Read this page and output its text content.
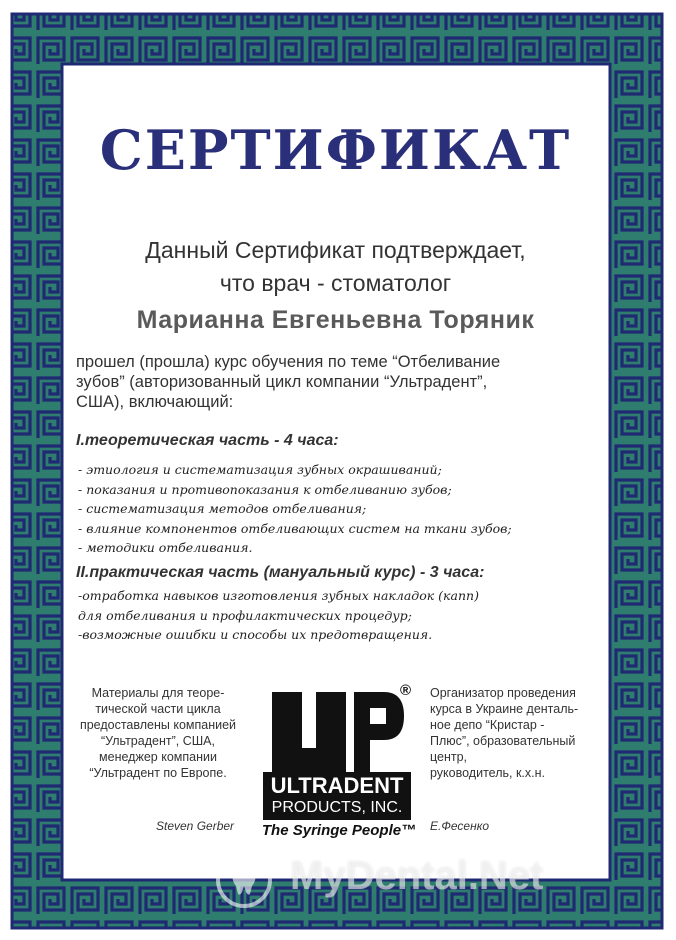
СЕРТИФИКАТ
Данный Сертификат подтверждает,
что врач - стоматолог
Марианна Евгеньевна Торяник
прошел (прошла) курс обучения по теме “Отбеливание
зубов” (авторизованный цикл компании “Ультрадент”,
США), включающий:
I.теоретическая часть - 4 часа:
- этиология и систематизация зубных окрашиваний;
- показания и противопоказания к отбеливанию зубов;
- систематизация методов отбеливания;
- влияние компонентов отбеливающих систем на ткани зубов;
- методики отбеливания.
II.практическая часть (мануальный курс) - 3 часа:
-отработка навыков изготовления зубных накладок (капп)
для отбеливания и профилактических процедур;
-возможные ошибки и способы их предотвращения.
Материалы для теоре-
тической части цикла
предоставлены компанией
“Ультрадент”, США,
менеджер компании
“Ультрадент по Европе.
Организатор проведения
курса в Украине денталь-
ное депо “Кристар -
Плюс”, образовательный
центр,
руководитель, к.х.н.
Steven Gerber	Е.Фесенко
®
ULTRADENT
PRODUCTS, INC.
The Syringe People™
MyDental.Net
